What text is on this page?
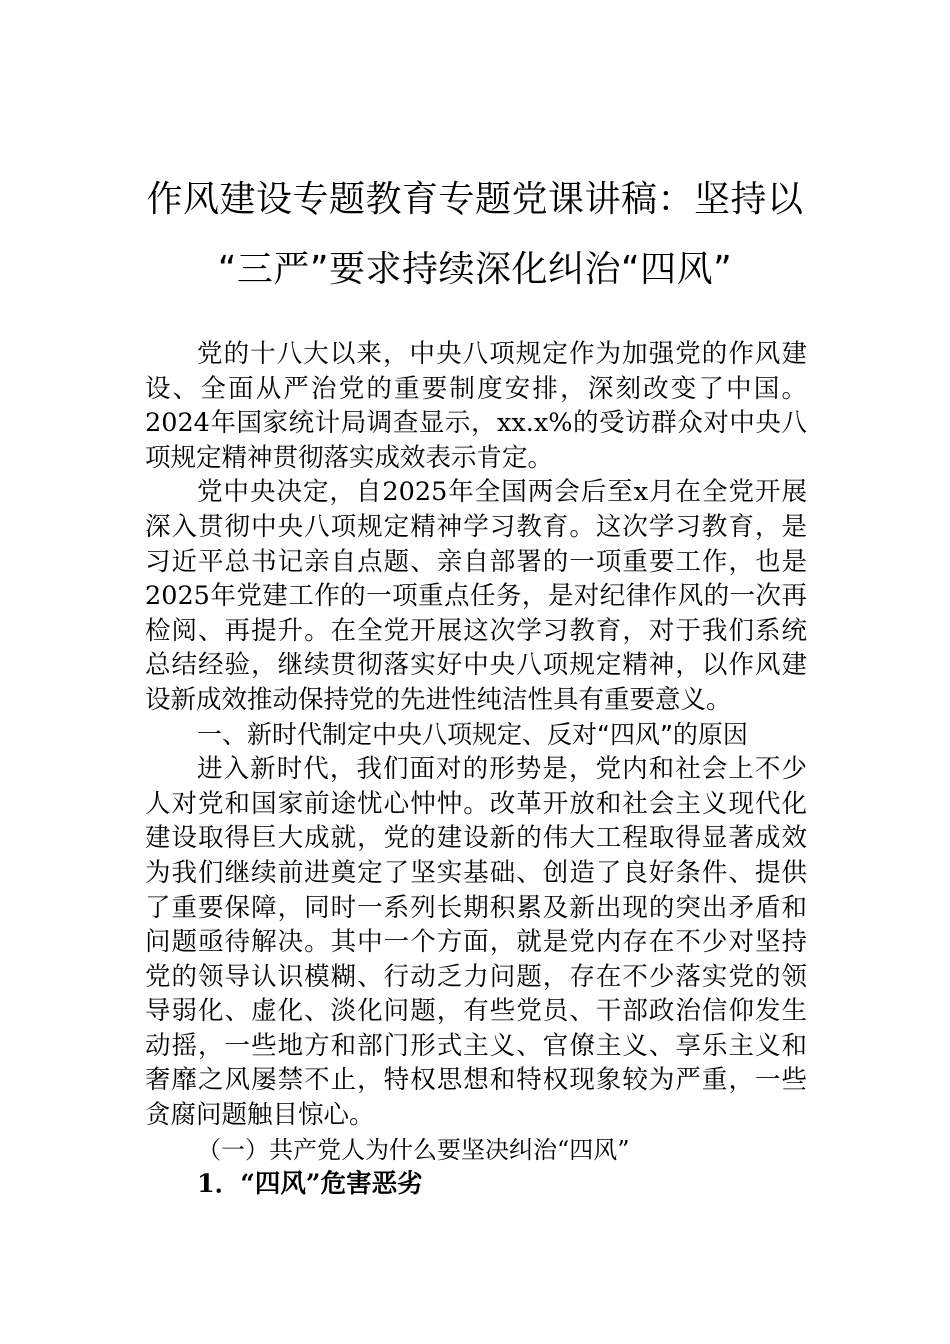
作风建设专题教育专题党课讲稿：坚持以
“三严”要求持续深化纠治“四风”

党的十八大以来，中央八项规定作为加强党的作风建设、全面从严治党的重要制度安排，深刻改变了中国。2024年国家统计局调查显示，xx.x%的受访群众对中央八项规定精神贯彻落实成效表示肯定。

党中央决定，自2025年全国两会后至x月在全党开展深入贯彻中央八项规定精神学习教育。这次学习教育，是习近平总书记亲自点题、亲自部署的一项重要工作，也是2025年党建工作的一项重点任务，是对纪律作风的一次再检阅、再提升。在全党开展这次学习教育，对于我们系统总结经验，继续贯彻落实好中央八项规定精神，以作风建设新成效推动保持党的先进性纯洁性具有重要意义。

一、新时代制定中央八项规定、反对“四风”的原因

进入新时代，我们面对的形势是，党内和社会上不少人对党和国家前途忧心忡忡。改革开放和社会主义现代化建设取得巨大成就，党的建设新的伟大工程取得显著成效为我们继续前进奠定了坚实基础、创造了良好条件、提供了重要保障，同时一系列长期积累及新出现的突出矛盾和问题亟待解决。其中一个方面，就是党内存在不少对坚持党的领导认识模糊、行动乏力问题，存在不少落实党的领导弱化、虚化、淡化问题，有些党员、干部政治信仰发生动摇，一些地方和部门形式主义、官僚主义、享乐主义和奢靡之风屡禁不止，特权思想和特权现象较为严重，一些贪腐问题触目惊心。

（一）共产党人为什么要坚决纠治“四风”

1．“四风”危害恶劣
